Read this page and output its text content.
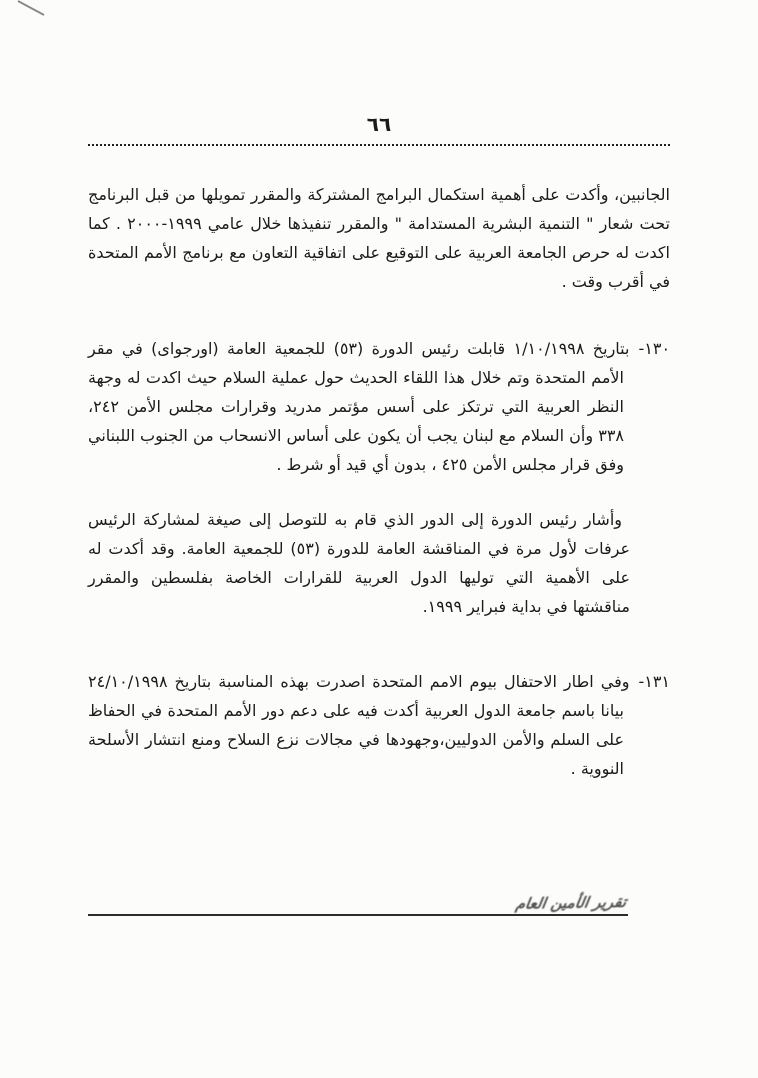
٦٦

الجانبين، وأكدت على أهمية استكمال البرامج المشتركة والمقرر تمويلها من قبل البرنامج تحت شعار " التنمية البشرية المستدامة " والمقرر تنفيذها خلال عامي ١٩٩٩-٢٠٠٠ . كما اكدت له حرص الجامعة العربية على التوقيع على اتفاقية التعاون مع برنامج الأمم المتحدة في أقرب وقت .

١٣٠-بتاريخ ١/١٠/١٩٩٨ قابلت رئيس الدورة (٥٣) للجمعية العامة (اورجواى) في مقر الأمم المتحدة وتم خلال هذا اللقاء الحديث حول عملية السلام حيث اكدت له وجهة النظر العربية التي ترتكز على أسس مؤتمر مدريد وقرارات مجلس الأمن ٢٤٢، ٣٣٨ وأن السلام مع لبنان يجب أن يكون على أساس الانسحاب من الجنوب اللبناني وفق قرار مجلس الأمن ٤٢٥ ، بدون أي قيد أو شرط .

وأشار رئيس الدورة إلى الدور الذي قام به للتوصل إلى صيغة لمشاركة الرئيس عرفات لأول مرة في المناقشة العامة للدورة (٥٣) للجمعية العامة. وقد أكدت له على الأهمية التي توليها الدول العربية للقرارات الخاصة بفلسطين والمقرر مناقشتها في بداية فبراير ١٩٩٩.

١٣١-وفي اطار الاحتفال بيوم الامم المتحدة اصدرت بهذه المناسبة بتاريخ ٢٤/١٠/١٩٩٨ بيانا باسم جامعة الدول العربية أكدت فيه على دعم دور الأمم المتحدة في الحفاظ على السلم والأمن الدوليين،وجهودها في مجالات نزع السلاح ومنع انتشار الأسلحة النووية .

تقرير الأمين العام
